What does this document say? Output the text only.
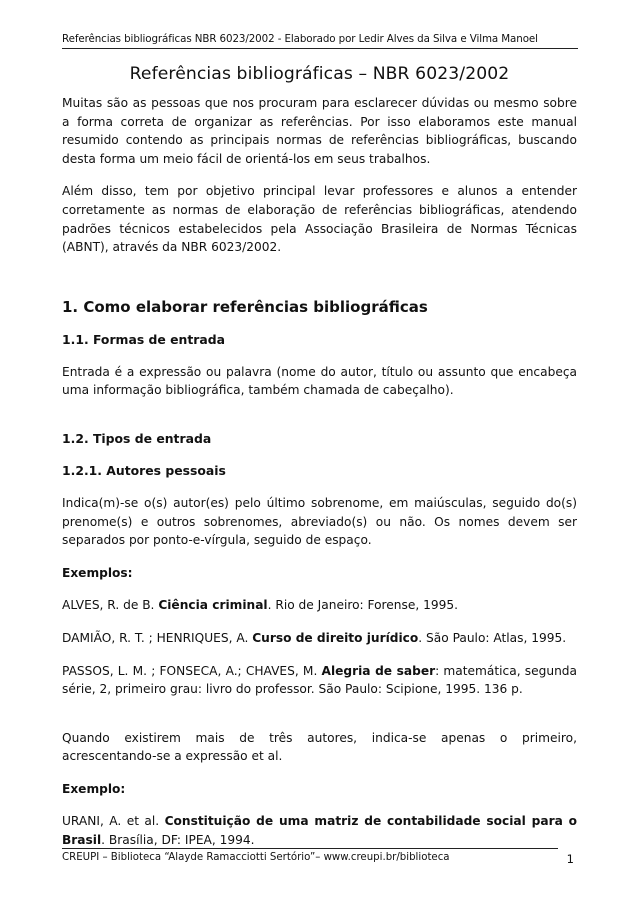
Referências bibliográficas NBR 6023/2002 - Elaborado por Ledir Alves da Silva e Vilma Manoel
Referências bibliográficas – NBR 6023/2002

Muitas são as pessoas que nos procuram para esclarecer dúvidas ou mesmo sobre a forma correta de organizar as referências. Por isso elaboramos este manual resumido contendo as principais normas de referências bibliográficas, buscando desta forma um meio fácil de orientá-los em seus trabalhos.

Além disso, tem por objetivo principal levar professores e alunos a entender corretamente as normas de elaboração de referências bibliográficas, atendendo padrões técnicos estabelecidos pela Associação Brasileira de Normas Técnicas (ABNT), através da NBR 6023/2002.

1. Como elaborar referências bibliográficas
1.1. Formas de entrada

Entrada é a expressão ou palavra (nome do autor, título ou assunto que encabeça uma informação bibliográfica, também chamada de cabeçalho).

1.2. Tipos de entrada
1.2.1. Autores pessoais

Indica(m)-se o(s) autor(es) pelo último sobrenome, em maiúsculas, seguido do(s) prenome(s) e outros sobrenomes, abreviado(s) ou não. Os nomes devem ser separados por ponto-e-vírgula, seguido de espaço.

Exemplos:

ALVES, R. de B. Ciência criminal. Rio de Janeiro: Forense, 1995.

DAMIÃO, R. T. ; HENRIQUES, A. Curso de direito jurídico. São Paulo: Atlas, 1995.

PASSOS, L. M. ; FONSECA, A.; CHAVES, M. Alegria de saber: matemática, segunda série, 2, primeiro grau: livro do professor. São Paulo: Scipione, 1995. 136 p.

Quando existirem mais de três autores, indica-se apenas o primeiro, acrescentando-se a expressão et al.

Exemplo:

URANI, A. et al. Constituição de uma matriz de contabilidade social para o Brasil. Brasília, DF: IPEA, 1994.

CREUPI – Biblioteca “Alayde Ramacciotti Sertório”– www.creupi.br/biblioteca	1
